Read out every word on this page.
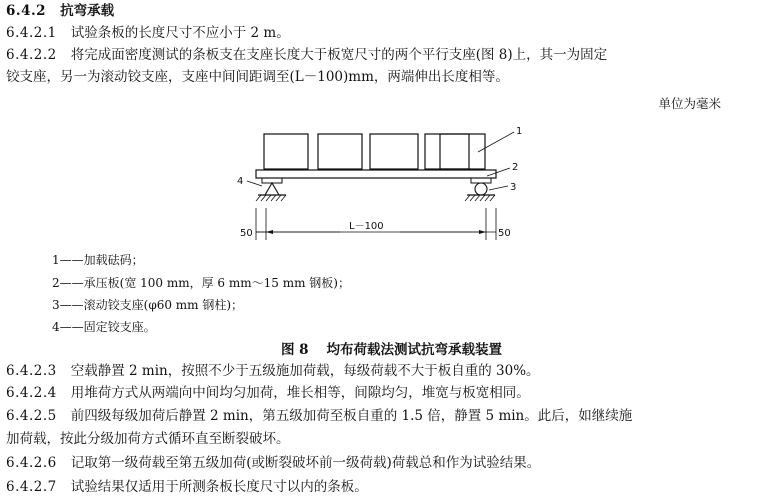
6.4.2 抗弯承载
6.4.2.1 试验条板的长度尺寸不应小于 2 m。
6.4.2.2 将完成面密度测试的条板支在支座长度大于板宽尺寸的两个平行支座(图 8)上，其一为固定
铰支座，另一为滚动铰支座，支座中间间距调至(L－100)mm，两端伸出长度相等。
单位为毫米
1
2
3
4
50
L－100
50
1——加载砝码；
2——承压板(宽 100 mm，厚 6 mm～15 mm 钢板)；
3——滚动铰支座(φ60 mm 钢柱)；
4——固定铰支座。
图 8 均布荷载法测试抗弯承载装置
6.4.2.3 空载静置 2 min，按照不少于五级施加荷载，每级荷载不大于板自重的 30%。
6.4.2.4 用堆荷方式从两端向中间均匀加荷，堆长相等，间隙均匀，堆宽与板宽相同。
6.4.2.5 前四级每级加荷后静置 2 min，第五级加荷至板自重的 1.5 倍，静置 5 min。此后，如继续施
加荷载，按此分级加荷方式循环直至断裂破坏。
6.4.2.6 记取第一级荷载至第五级加荷(或断裂破坏前一级荷载)荷载总和作为试验结果。
6.4.2.7 试验结果仅适用于所测条板长度尺寸以内的条板。
